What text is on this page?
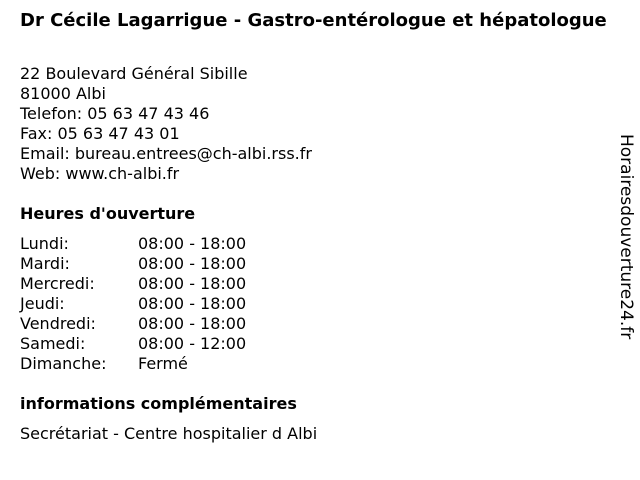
Dr Cécile Lagarrigue - Gastro-entérologue et hépatologue
22 Boulevard Général Sibille
81000 Albi
Telefon: 05 63 47 43 46
Fax: 05 63 47 43 01
Email: bureau.entrees@ch-albi.rss.fr
Web: www.ch-albi.fr
Heures d'ouverture
Lundi:	08:00 - 18:00
Mardi:	08:00 - 18:00
Mercredi:	08:00 - 18:00
Jeudi:	08:00 - 18:00
Vendredi:	08:00 - 18:00
Samedi:	08:00 - 12:00
Dimanche: Fermé
informations complémentaires
Secrétariat - Centre hospitalier d Albi
Horairesdouverture24.fr
